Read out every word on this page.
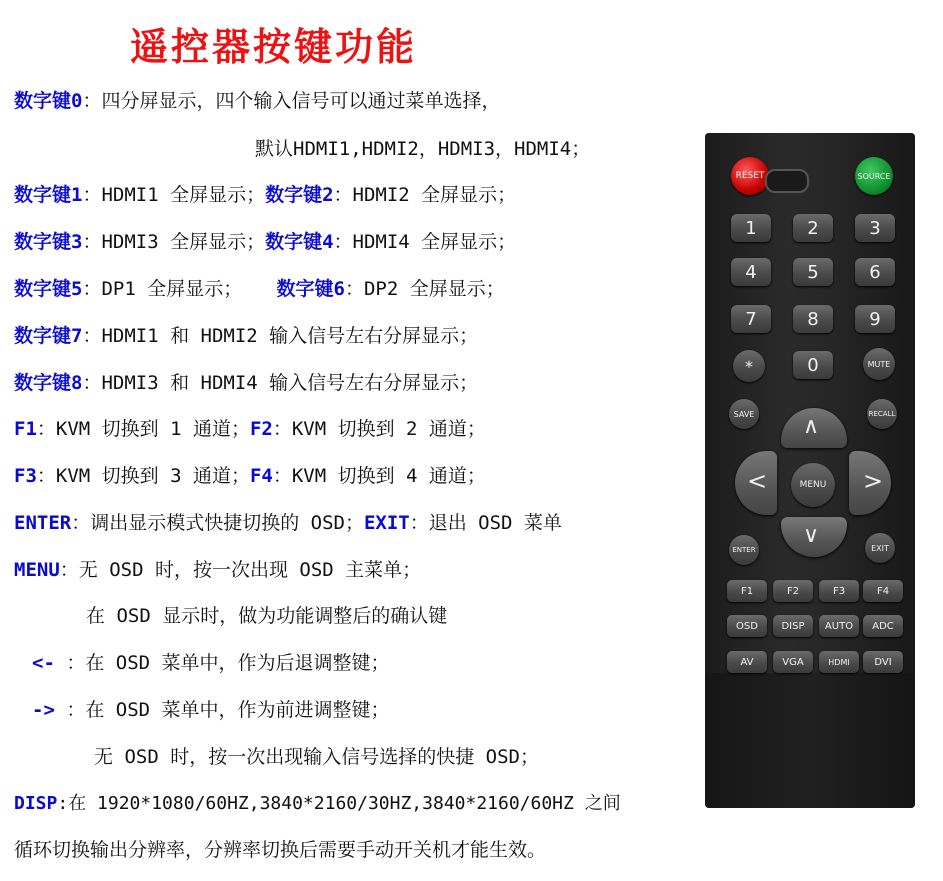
遥控器按键功能
数字键0：四分屏显示，四个输入信号可以通过菜单选择，
默认HDMI1,HDMI2，HDMI3，HDMI4；
数字键1：HDMI1 全屏显示；数字键2：HDMI2 全屏显示；
数字键3：HDMI3 全屏显示；数字键4：HDMI4 全屏显示；
数字键5：DP1 全屏显示；   数字键6：DP2 全屏显示；
数字键7：HDMI1 和 HDMI2 输入信号左右分屏显示；
数字键8：HDMI3 和 HDMI4 输入信号左右分屏显示；
F1：KVM 切换到 1 通道；F2：KVM 切换到 2 通道；
F3：KVM 切换到 3 通道；F4：KVM 切换到 4 通道；
ENTER：调出显示模式快捷切换的 OSD；EXIT：退出 OSD 菜单
MENU：无 OSD 时，按一次出现 OSD 主菜单；
在 OSD 显示时，做为功能调整后的确认键
<- ：在 OSD 菜单中，作为后退调整键；
-> ：在 OSD 菜单中，作为前进调整键；
无 OSD 时，按一次出现输入信号选择的快捷 OSD；
DISP:在 1920*1080/60HZ,3840*2160/30HZ,3840*2160/60HZ 之间
循环切换输出分辨率，分辨率切换后需要手动开关机才能生效。
RESET	SOURCE
1	2	3
4	5	6
7	8	9
*	0	MUTE
SAVE	RECALL
∧
<	MENU	>
∨
ENTER	EXIT
F1	F2	F3	F4
OSD	DISP	AUTO	ADC
AV	VGA	HDMI	DVI
